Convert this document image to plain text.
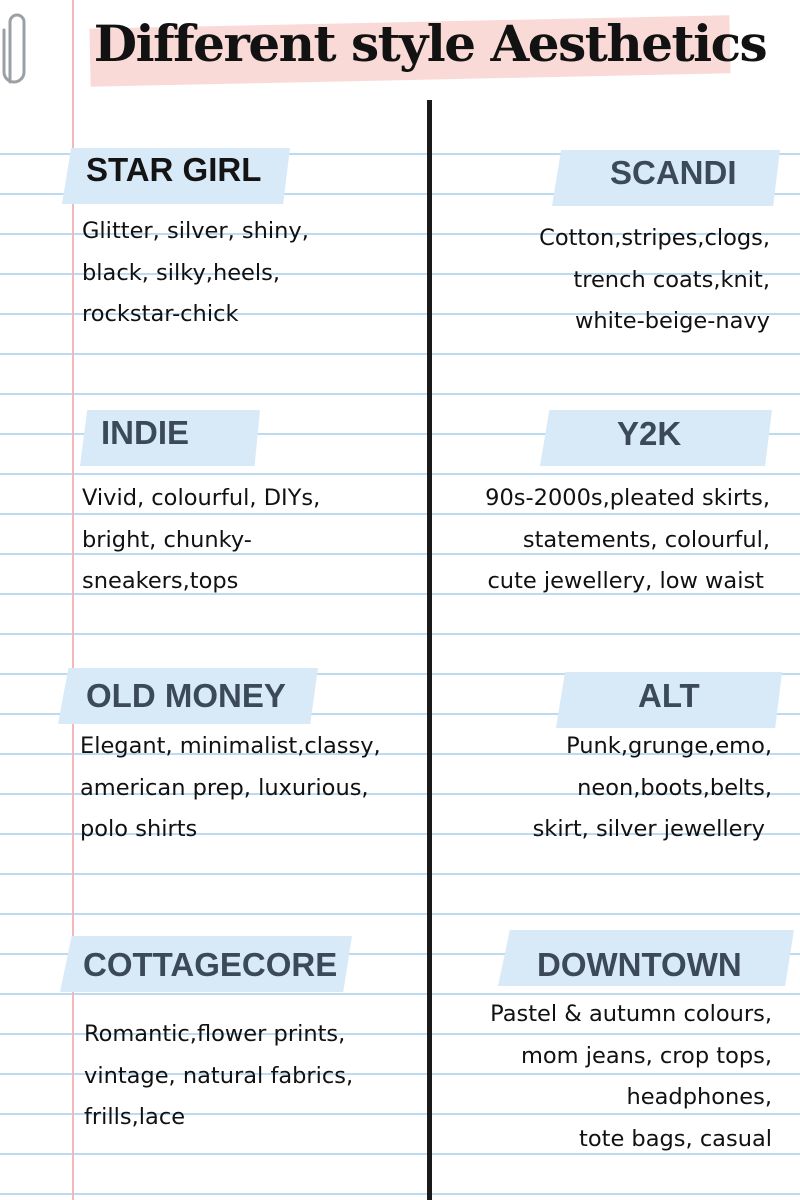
Different style Aesthetics
STAR GIRL
Glitter, silver, shiny,
black, silky,heels,
rockstar-chick
INDIE
Vivid, colourful, DIYs,
bright, chunky-
sneakers,tops
OLD MONEY
Elegant, minimalist,classy,
american prep, luxurious,
polo shirts
COTTAGECORE
Romantic,flower prints,
vintage, natural fabrics,
frills,lace
SCANDI
Cotton,stripes,clogs,
trench coats,knit,
white-beige-navy
Y2K
90s-2000s,pleated skirts,
statements, colourful,
cute jewellery, low waist
ALT
Punk,grunge,emo,
neon,boots,belts,
skirt, silver jewellery
DOWNTOWN
Pastel & autumn colours,
mom jeans, crop tops,
headphones,
tote bags, casual
